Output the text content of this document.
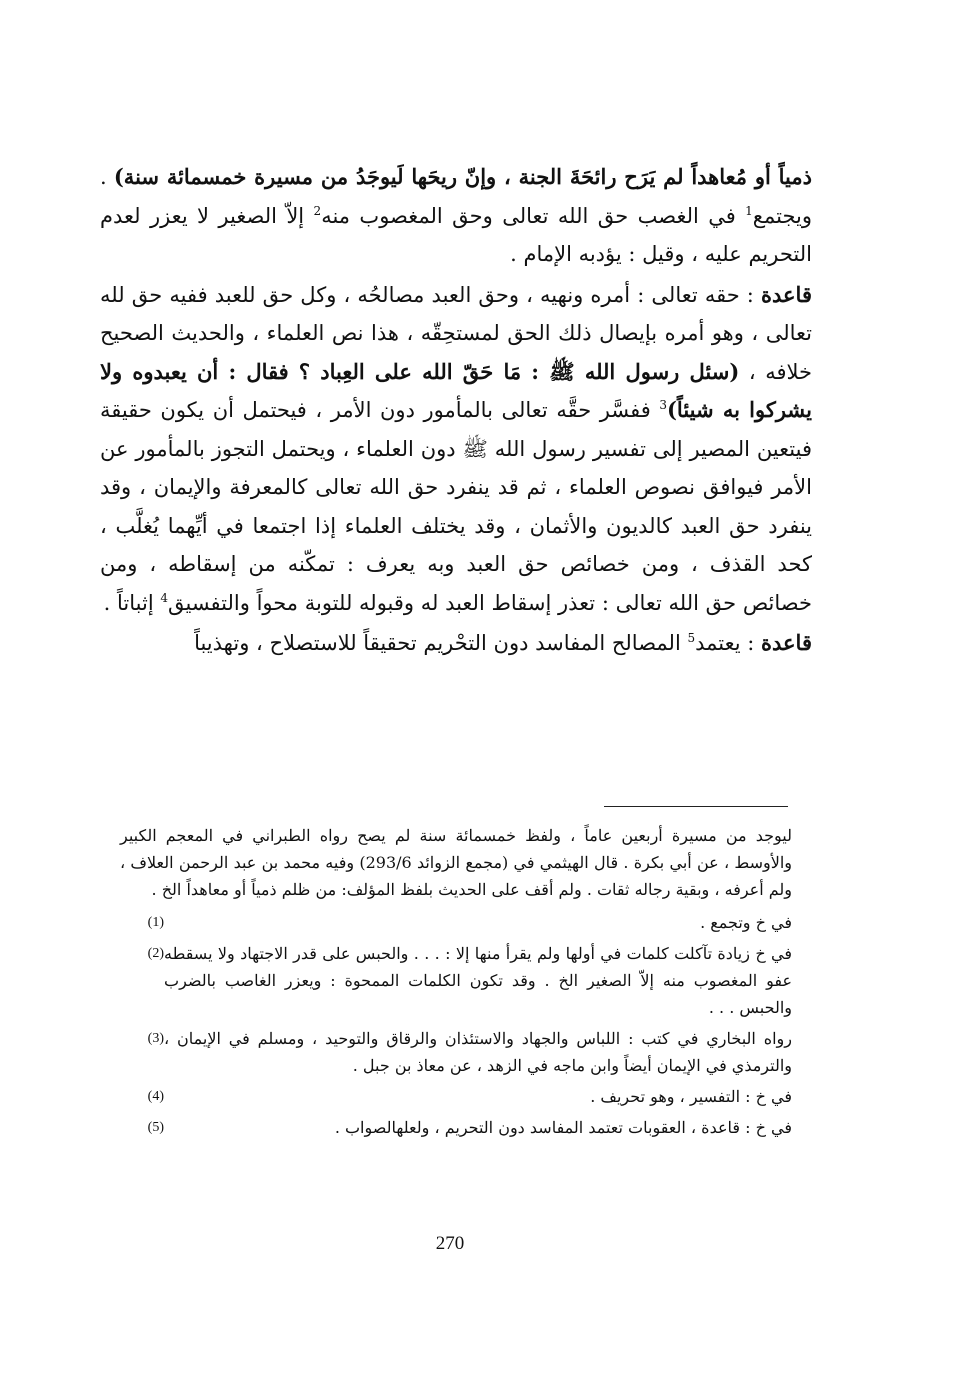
ذمياً أو مُعاهداً لم يَرَح رائحَةَ الجنة ، وإنّ ريحَها لَيوجَدُ من مسيرة خمسمائة سنة) . ويجتمع$^1$ في الغصب حق الله تعالى وحق المغصوب منه$^2$ إلاّ الصغير لا يعزر لعدم التحريم عليه ، وقيل : يؤدبه الإمام .

قاعدة : حقه تعالى : أمره ونهيه ، وحق العبد مصالحُه ، وكل حق للعبد ففيه حق لله تعالى ، وهو أمره بإيصال ذلك الحق لمستحِقّه ، هذا نص العلماء ، والحديث الصحيح خلافه ، (سئل رسول الله ﷺ : مَا حَقّ الله على العِباد ؟ فقال : أن يعبدوه ولا يشركوا به شيئاً)$^3$ ففسَّر حقَّه تعالى بالمأمور دون الأمر ، فيحتمل أن يكون حقيقة فيتعين المصير إلى تفسير رسول الله ﷺ دون العلماء ، ويحتمل التجوز بالمأمور عن الأمر فيوافق نصوص العلماء ، ثم قد ينفرد حق الله تعالى كالمعرفة والإيمان ، وقد ينفرد حق العبد كالديون والأثمان ، وقد يختلف العلماء إذا اجتمعا في أيِّهما يُغلَّب ، كحد القذف ، ومن خصائص حق العبد وبه يعرف : تمكّنه من إسقاطه ، ومن خصائص حق الله تعالى : تعذر إسقاط العبد له وقبوله للتوبة محواً والتفسيق$^4$ إثباتاً .

قاعدة : يعتمد$^5$ المصالح المفاسد دون التحْريم تحقيقاً للاستصلاح ، وتهذيباً

ليوجد من مسيرة أربعين عاماً ، ولفظ خمسمائة سنة لم يصح رواه الطبراني في المعجم الكبير والأوسط ، عن أبي بكرة . قال الهيثمي في (مجمع الزوائد 293/6) وفيه محمد بن عبد الرحمن العلاف ، ولم أعرفه ، وبقية رجاله ثقات . ولم أقف على الحديث بلفظ المؤلف: من ظلم ذمياً أو معاهداً الخ .

في خ وتجمع .
(1)
في خ زيادة تآكلت كلمات في أولها ولم يقرأ منها إلا : . . . والحبس على قدر الاجتهاد ولا يسقطه عفو المغصوب منه إلاّ الصغير الخ . وقد تكون الكلمات الممحوة : ويعزر الغاصب بالضرب والحبس . . .
(2)
رواه البخاري في كتب : اللباس والجهاد والاستئذان والرقاق والتوحيد ، ومسلم في الإيمان ، والترمذي في الإيمان أيضاً وابن ماجه في الزهد ، عن معاذ بن جبل .
(3)
في خ : التفسير ، وهو تحريف .
(4)
في خ : قاعدة ، العقوبات تعتمد المفاسد دون التحريم ، ولعلهالصواب .
(5)
270
